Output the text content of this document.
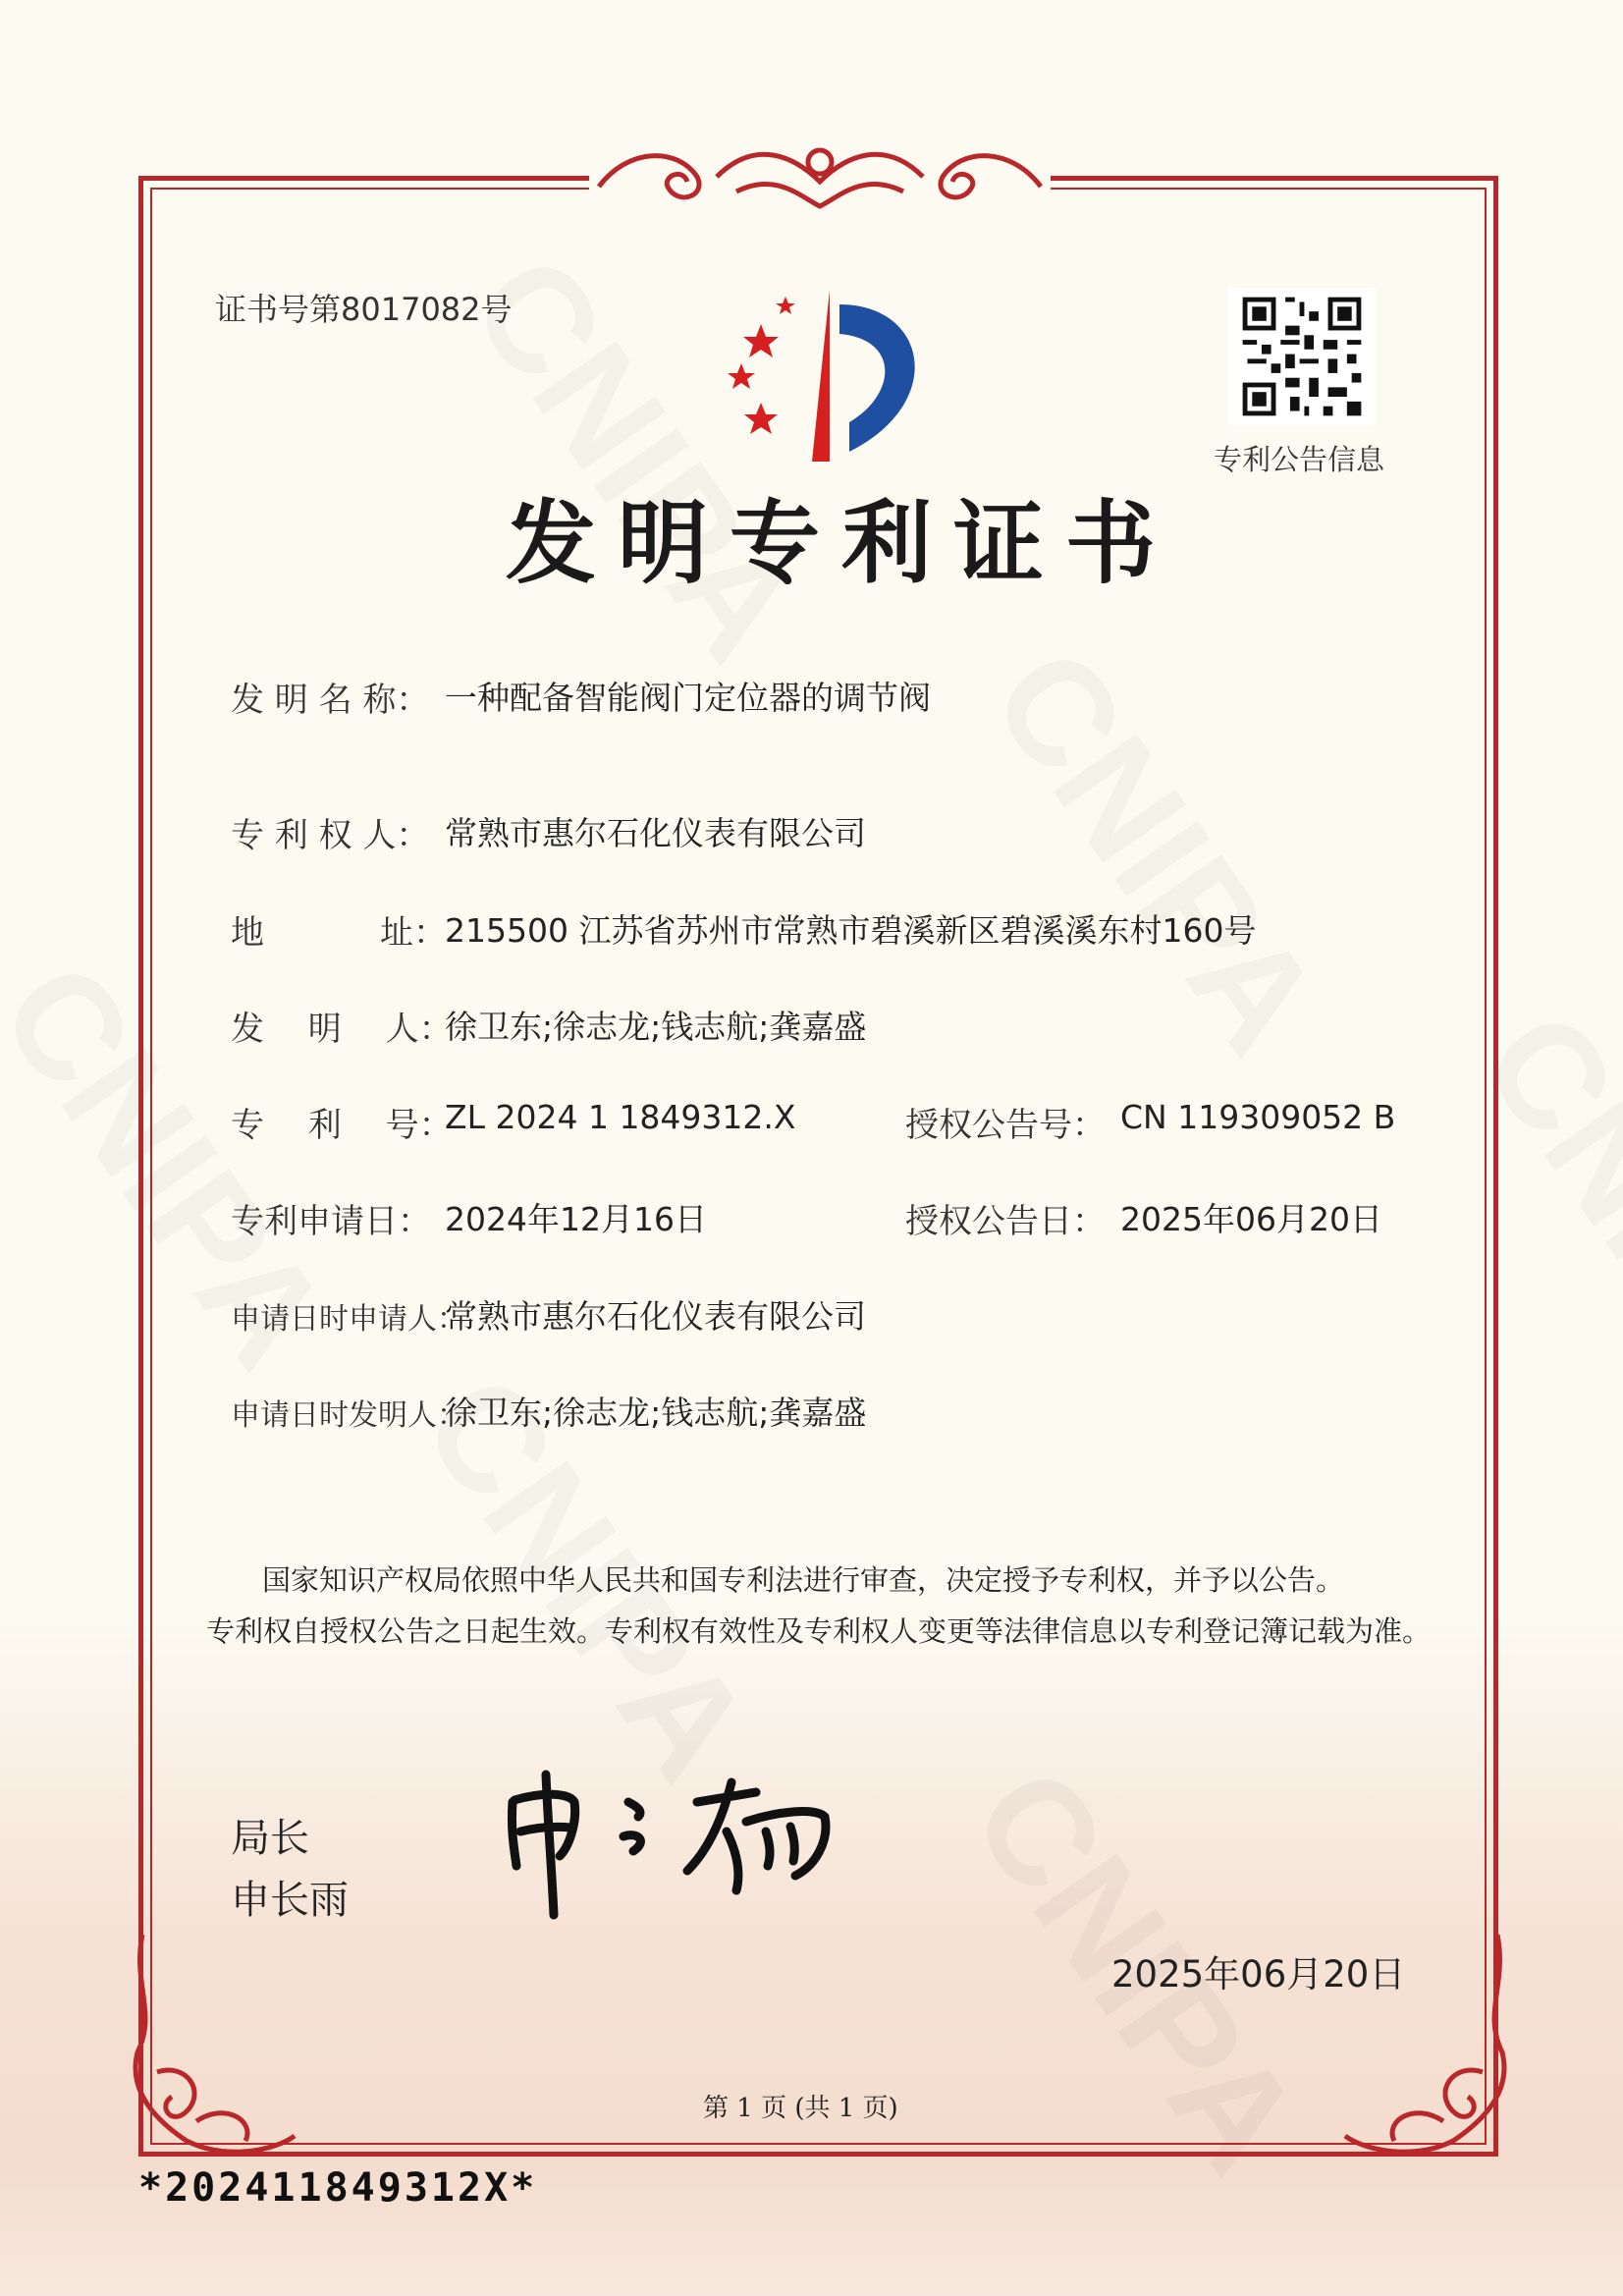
证书号第8017082号
专利公告信息
发明专利证书
发 明 名 称： 一种配备智能阀门定位器的调节阀
专 利 权 人： 常熟市惠尔石化仪表有限公司
地	址：
215500 江苏省苏州市常熟市碧溪新区碧溪溪东村160号
发　 明 　人：
徐卫东;徐志龙;钱志航;龚嘉盛
专　 利 　号：
ZL 2024 1 1849312.X	授权公告号： CN 119309052 B
专利申请日： 2024年12月16日	授权公告日： 2025年06月20日
申请日时申请人：
常熟市惠尔石化仪表有限公司
申请日时发明人：
徐卫东;徐志龙;钱志航;龚嘉盛
国家知识产权局依照中华人民共和国专利法进行审查，决定授予专利权，并予以公告。
专利权自授权公告之日起生效。专利权有效性及专利权人变更等法律信息以专利登记簿记载为准。
局长
申长雨
2025年06月20日
第 1 页 (共 1 页)
*202411849312X*
